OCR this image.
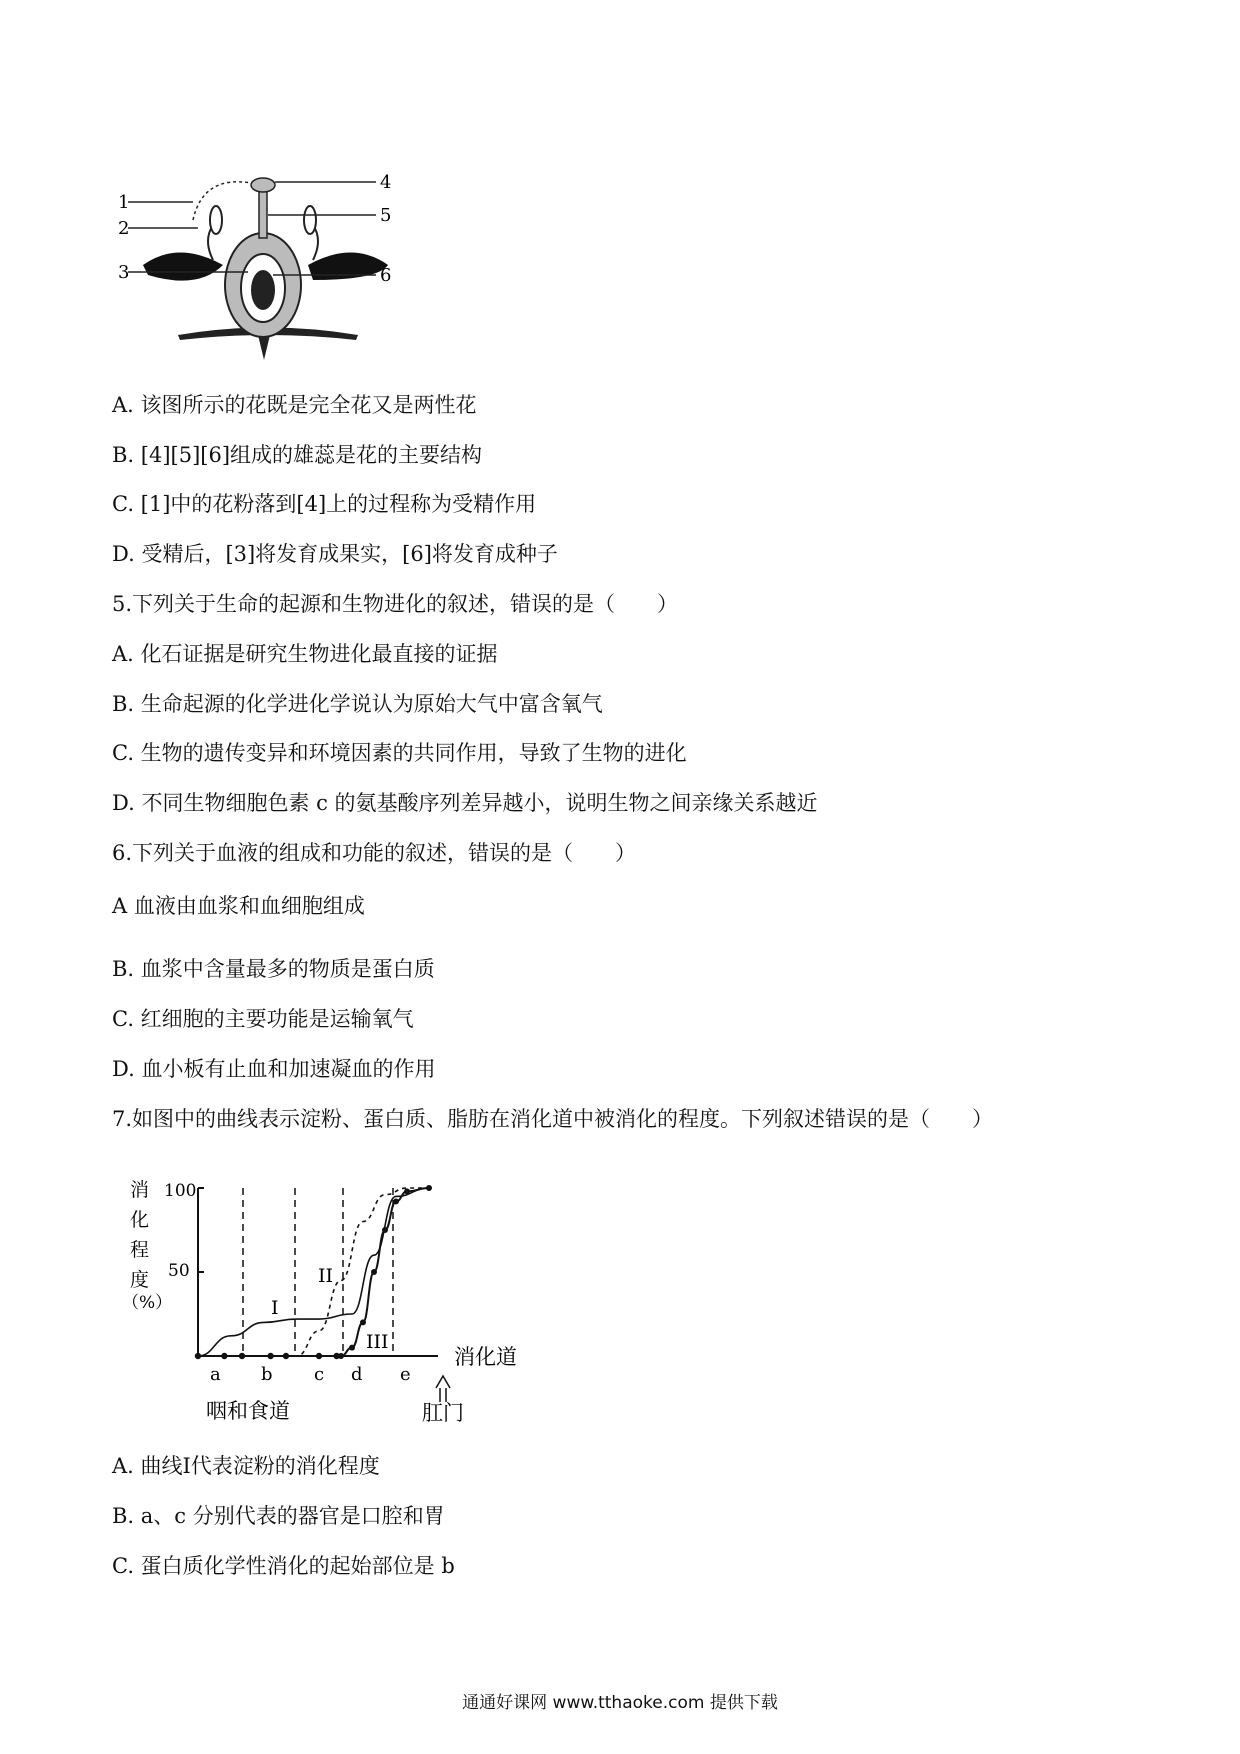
1
2
3
4
5
6
A. 该图所示的花既是完全花又是两性花
B. [4][5][6]组成的雄蕊是花的主要结构
C. [1]中的花粉落到[4]上的过程称为受精作用
D. 受精后，[3]将发育成果实，[6]将发育成种子
5.下列关于生命的起源和生物进化的叙述，错误的是（　　）
A. 化石证据是研究生物进化最直接的证据
B. 生命起源的化学进化学说认为原始大气中富含氧气
C. 生物的遗传变异和环境因素的共同作用，导致了生物的进化
D. 不同生物细胞色素 c 的氨基酸序列差异越小，说明生物之间亲缘关系越近
6.下列关于血液的组成和功能的叙述，错误的是（　　）
A 血液由血浆和血细胞组成
B. 血浆中含量最多的物质是蛋白质
C. 红细胞的主要功能是运输氧气
D. 血小板有止血和加速凝血的作用
7.如图中的曲线表示淀粉、蛋白质、脂肪在消化道中被消化的程度。下列叙述错误的是（　　）
消
化
程
度
（%）
100
50
I
II
III
a b c d e
消化道
咽和食道	肛门
A. 曲线I代表淀粉的消化程度
B. a、c 分别代表的器官是口腔和胃
C. 蛋白质化学性消化的起始部位是 b
通通好课网 www.tthaoke.com 提供下载
